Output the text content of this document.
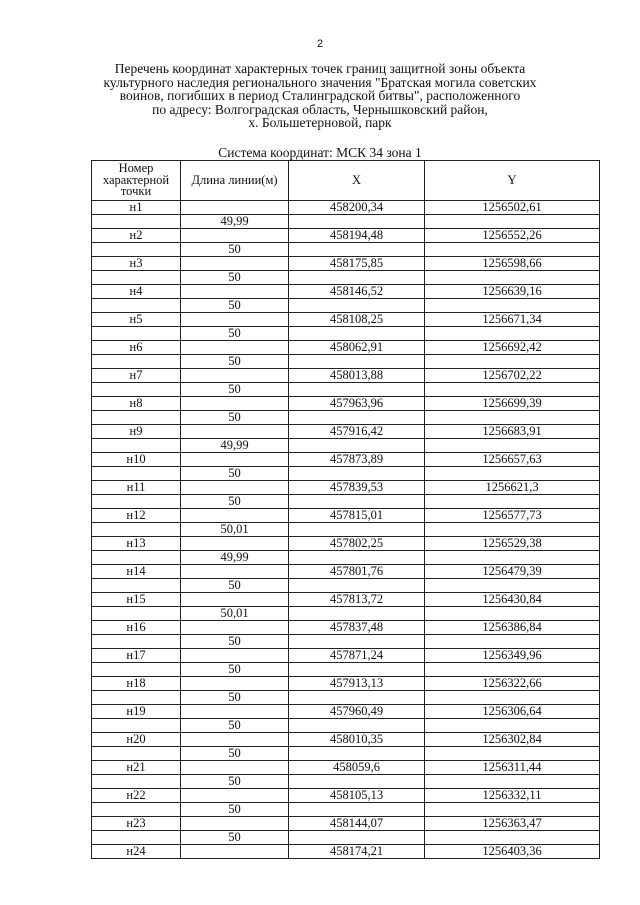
2
Перечень координат характерных точек границ защитной зоны объекта
культурного наследия регионального значения "Братская могила советских
воинов, погибших в период Сталинградской битвы", расположенного
по адресу: Волгоградская область, Чернышковский район,
х. Большетерновой, парк
Система координат: МСК 34 зона 1
Номер характерной точки	Длина линии(м)	X	Y
н1		458200,34	1256502,61
	49,99		
н2		458194,48	1256552,26
	50		
н3		458175,85	1256598,66
	50		
н4		458146,52	1256639,16
	50		
н5		458108,25	1256671,34
	50		
н6		458062,91	1256692,42
	50		
н7		458013,88	1256702,22
	50		
н8		457963,96	1256699,39
	50		
н9		457916,42	1256683,91
	49,99		
н10		457873,89	1256657,63
	50		
н11		457839,53	1256621,3
	50		
н12		457815,01	1256577,73
	50,01		
н13		457802,25	1256529,38
	49,99		
н14		457801,76	1256479,39
	50		
н15		457813,72	1256430,84
	50,01		
н16		457837,48	1256386,84
	50		
н17		457871,24	1256349,96
	50		
н18		457913,13	1256322,66
	50		
н19		457960,49	1256306,64
	50		
н20		458010,35	1256302,84
	50		
н21		458059,6	1256311,44
	50		
н22		458105,13	1256332,11
	50		
н23		458144,07	1256363,47
	50		
н24		458174,21	1256403,36
